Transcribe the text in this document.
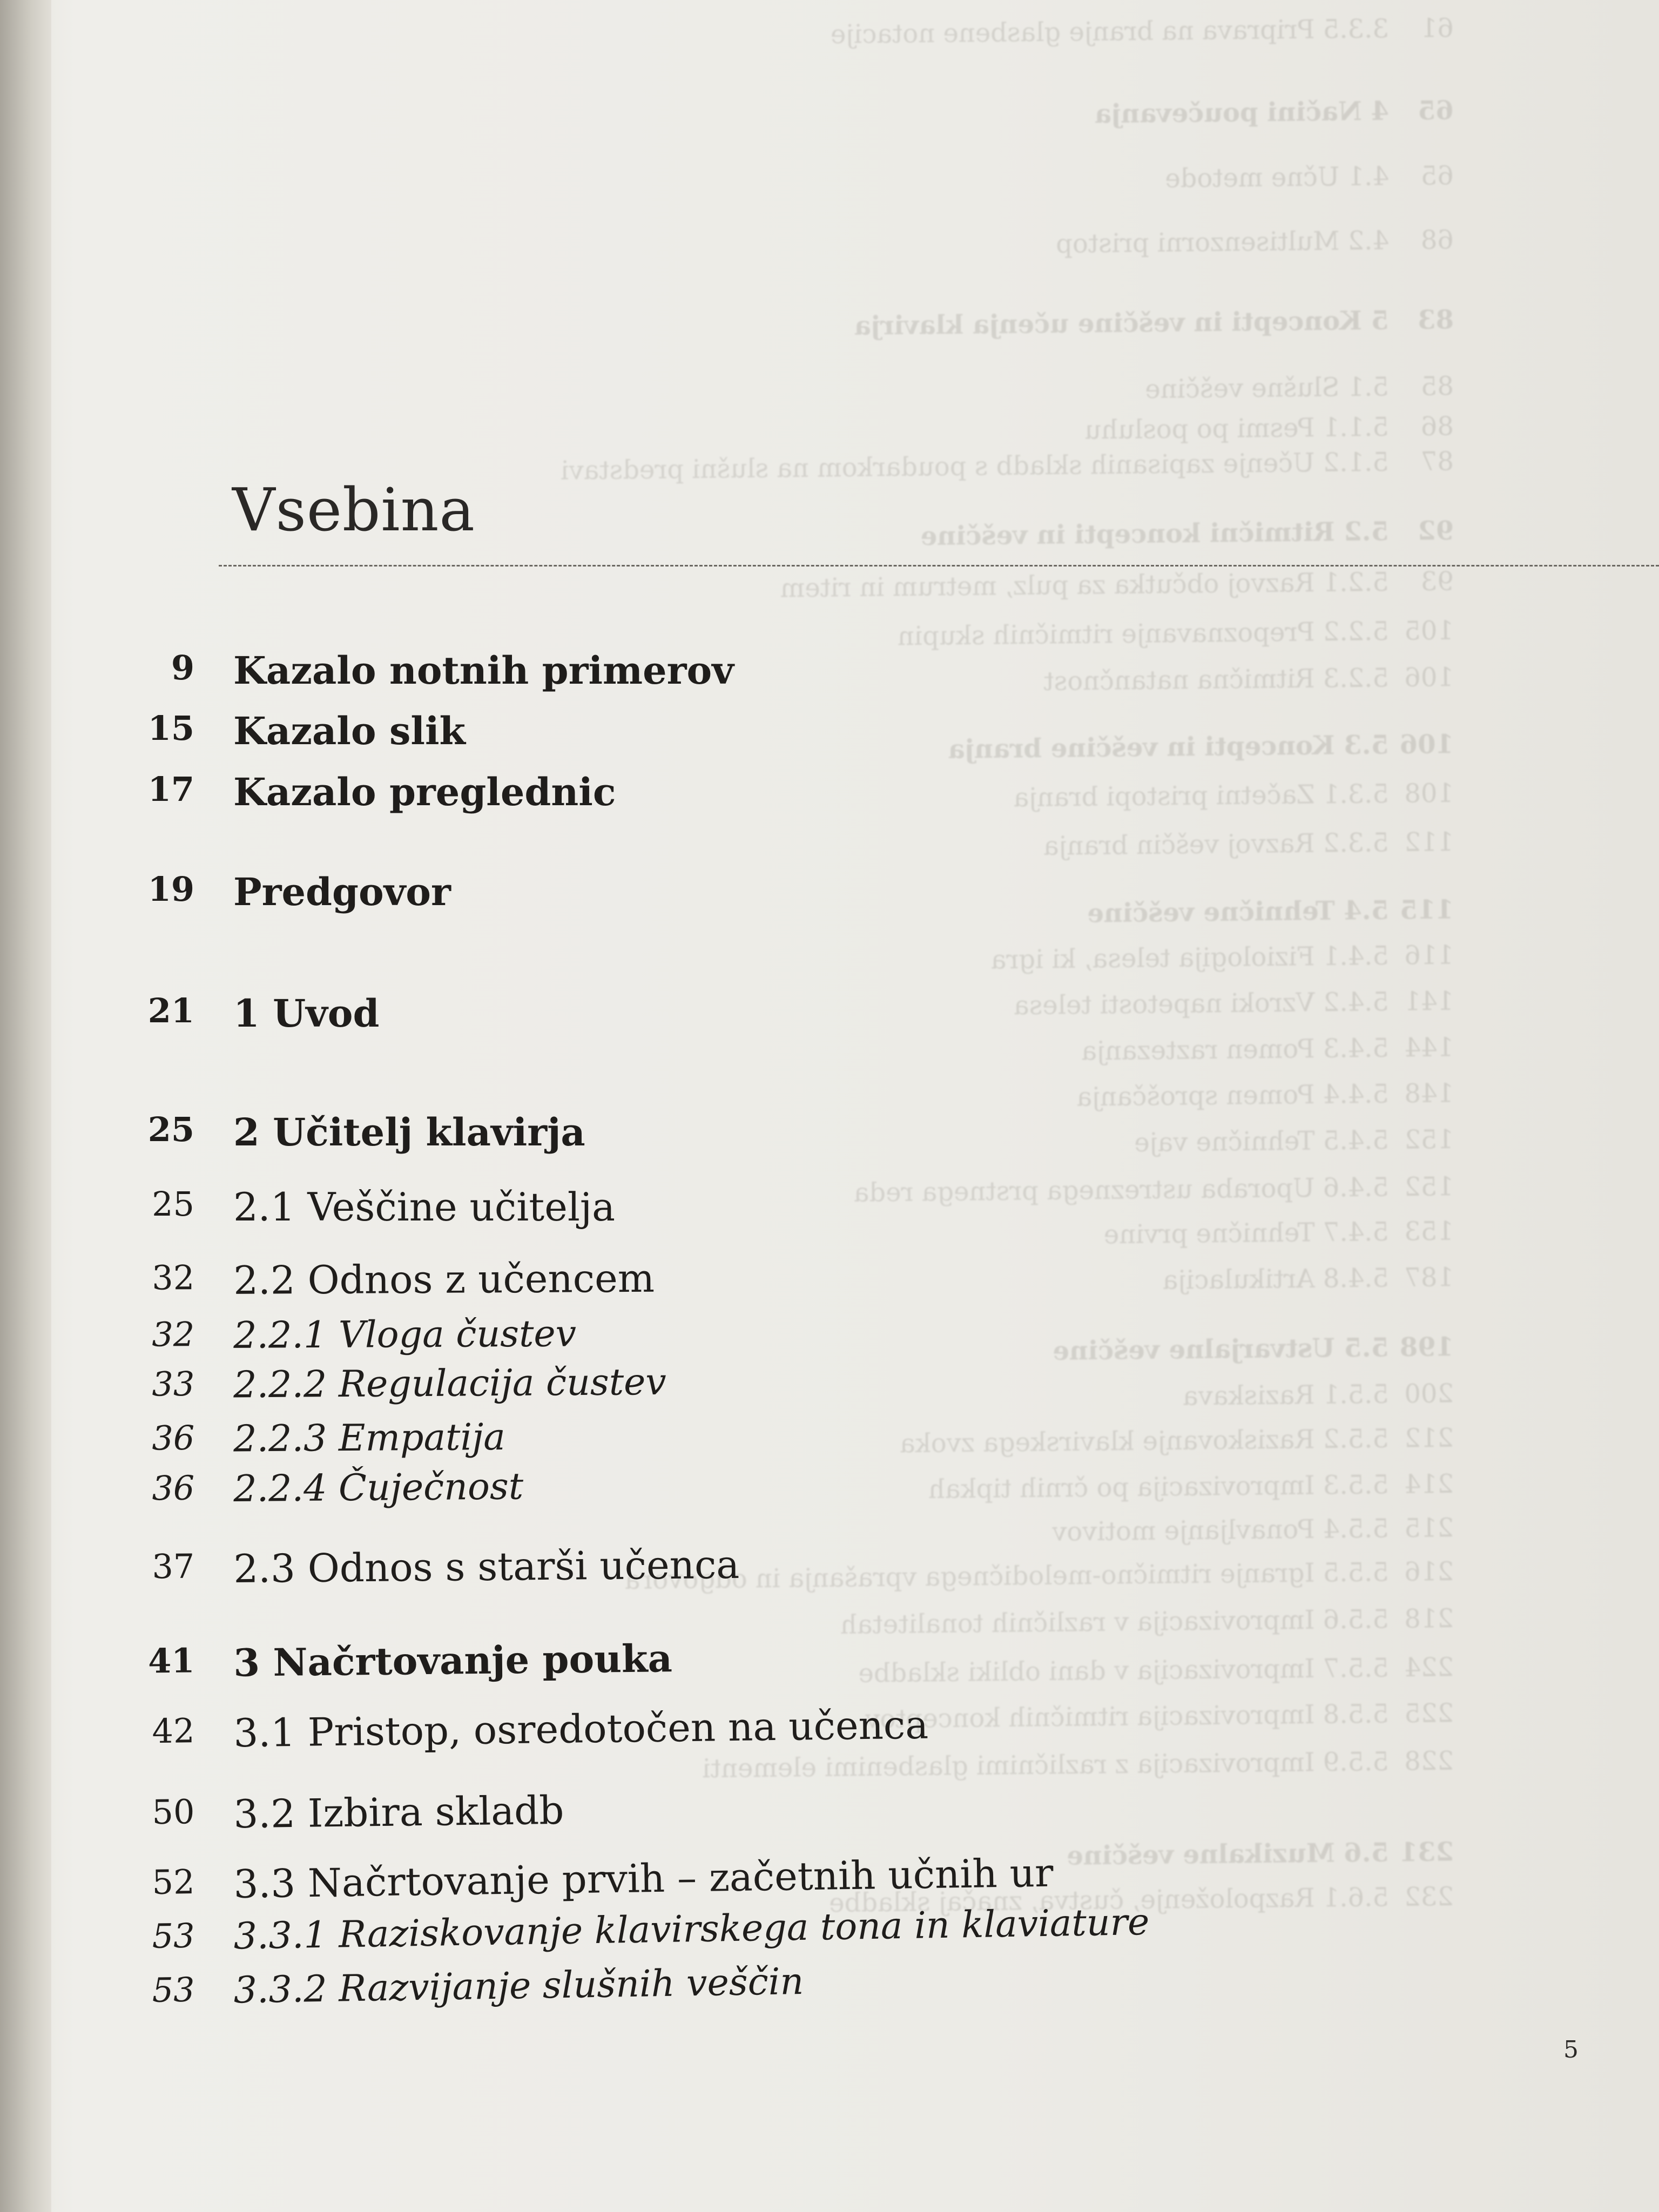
613.3.5 Priprava na branje glasbene notacije
654 Načini poučevanja
654.1 Učne metode
684.2 Multisenzorni pristop
835 Koncepti in veščine učenja klavirja
855.1 Slušne veščine
865.1.1 Pesmi po posluhu
875.1.2 Učenje zapisanih skladb s poudarkom na slušni predstavi
925.2 Ritmični koncepti in veščine
935.2.1 Razvoj občutka za pulz, metrum in ritem
1055.2.2 Prepoznavanje ritmičnih skupin
1065.2.3 Ritmična natančnost
1065.3 Koncepti in veščine branja
1085.3.1 Začetni pristopi branja
1125.3.2 Razvoj veščin branja
1155.4 Tehnične veščine
1165.4.1 Fiziologija telesa, ki igra
1415.4.2 Vzroki napetosti telesa
1445.4.3 Pomen raztezanja
1485.4.4 Pomen sproščanja
1525.4.5 Tehnične vaje
1525.4.6 Uporaba ustreznega prstnega reda
1535.4.7 Tehnične prvine
1875.4.8 Artikulacija
1985.5 Ustvarjalne veščine
2005.5.1 Raziskava
2125.5.2 Raziskovanje klavirskega zvoka
2145.5.3 Improvizacija po črnih tipkah
2155.5.4 Ponavljanje motivov
2165.5.5 Igranje ritmično-melodičnega vprašanja in odgovora
2185.5.6 Improvizacija v različnih tonalitetah
2245.5.7 Improvizacija v dani obliki skladbe
2255.5.8 Improvizacija ritmičnih konceptov
2285.5.9 Improvizacija z različnimi glasbenimi elementi
2315.6 Muzikalne veščine
2325.6.1 Razpoloženje, čustva, značaj skladbe
Vsebina
9 Kazalo notnih primerov
15 Kazalo slik
17 Kazalo preglednic
19 Predgovor
21 1 Uvod
25 2 Učitelj klavirja
25 2.1 Veščine učitelja
32 2.2 Odnos z učencem
32 2.2.1 Vloga čustev
33 2.2.2 Regulacija čustev
36 2.2.3 Empatija
36 2.2.4 Čuječnost
37 2.3 Odnos s starši učenca
41 3 Načrtovanje pouka
42 3.1 Pristop, osredotočen na učenca
50 3.2 Izbira skladb
52 3.3 Načrtovanje prvih – začetnih učnih ur
53 3.3.1 Raziskovanje klavirskega tona in klaviature
53 3.3.2 Razvijanje slušnih veščin
5
